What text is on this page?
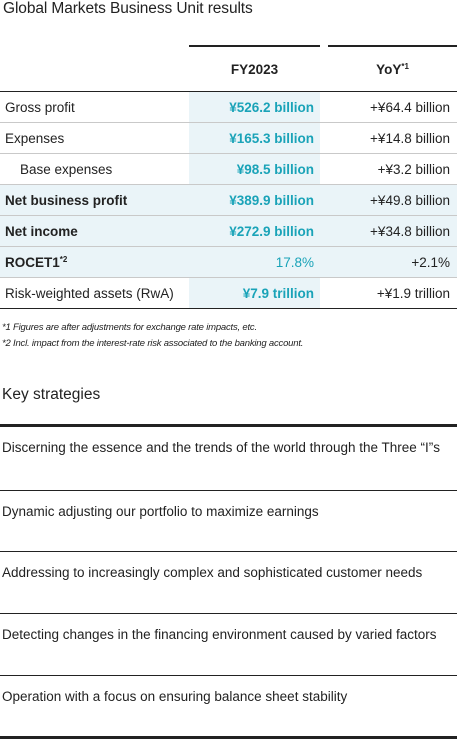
Global Markets Business Unit results
	FY2023		YoY$^{*1}$
Gross profit	¥526.2 billion		+¥64.4 billion
Expenses	¥165.3 billion		+¥14.8 billion
Base expenses	¥98.5 billion		+¥3.2 billion
Net business profit	¥389.9 billion		+¥49.8 billion
Net income	¥272.9 billion		+¥34.8 billion
ROCET1$^{*2}$	17.8%		+2.1%
Risk-weighted assets (RwA)	¥7.9 trillion		+¥1.9 trillion
*1 Figures are after adjustments for exchange rate impacts, etc.
*2 Incl. impact from the interest-rate risk associated to the banking account.
Key strategies
Discerning the essence and the trends of the world through the Three “I”s
Dynamic adjusting our portfolio to maximize earnings
Addressing to increasingly complex and sophisticated customer needs
Detecting changes in the financing environment caused by varied factors
Operation with a focus on ensuring balance sheet stability
